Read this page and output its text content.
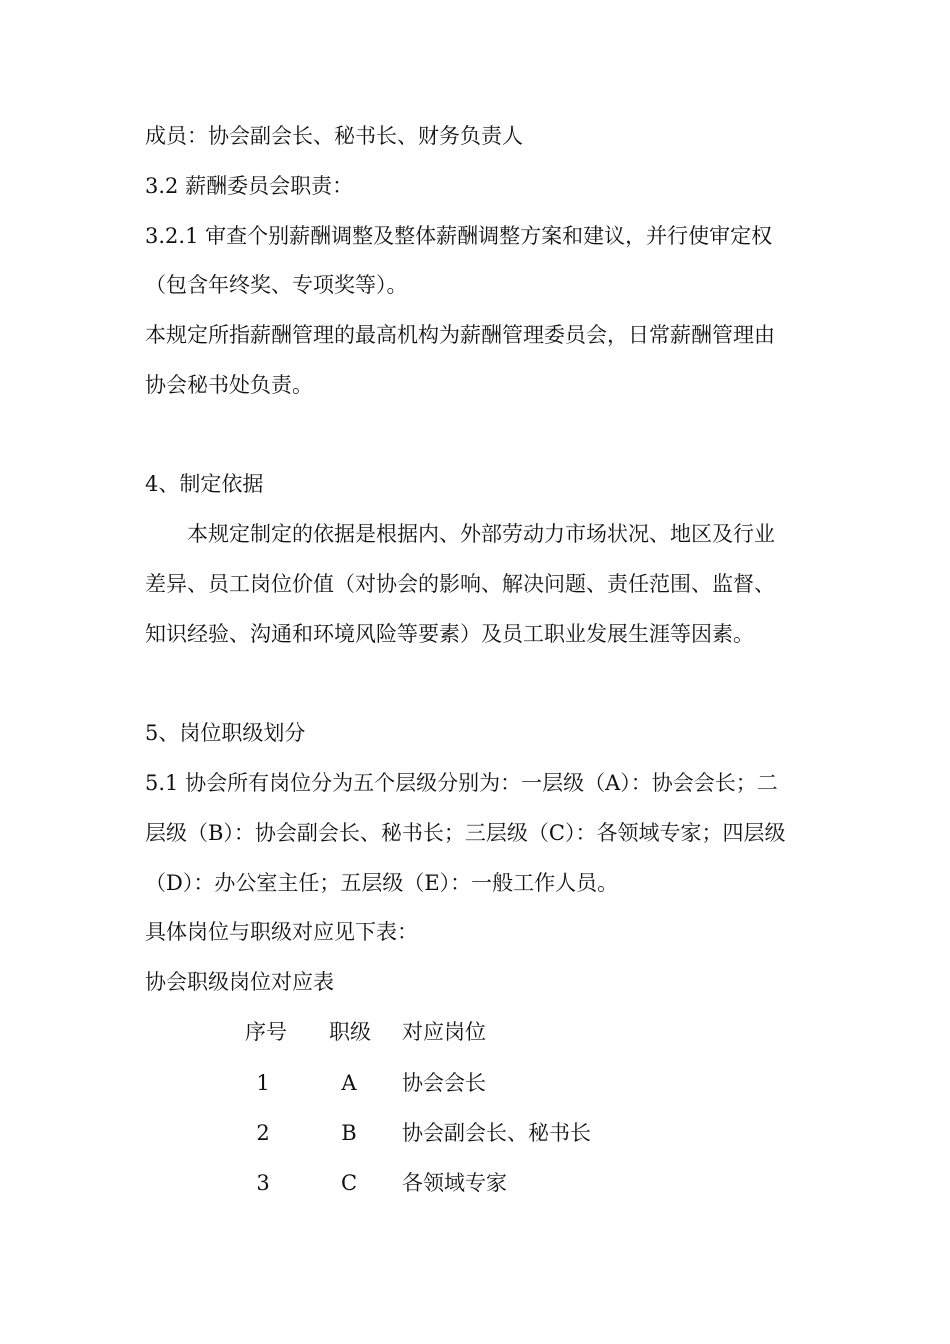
成员：协会副会长、秘书长、财务负责人
3.2 薪酬委员会职责：
3.2.1 审查个别薪酬调整及整体薪酬调整方案和建议，并行使审定权
（包含年终奖、专项奖等）。
本规定所指薪酬管理的最高机构为薪酬管理委员会，日常薪酬管理由
协会秘书处负责。
4、制定依据
本规定制定的依据是根据内、外部劳动力市场状况、地区及行业
差异、员工岗位价值（对协会的影响、解决问题、责任范围、监督、
知识经验、沟通和环境风险等要素）及员工职业发展生涯等因素。
5、岗位职级划分
5.1 协会所有岗位分为五个层级分别为：一层级（A）：协会会长；二
层级（B）：协会副会长、秘书长；三层级（C）：各领域专家；四层级
（D）：办公室主任；五层级（E）：一般工作人员。
具体岗位与职级对应见下表：
协会职级岗位对应表
序号 职级 对应岗位
1	A	协会会长
2	B	协会副会长、秘书长
3	C	各领域专家
